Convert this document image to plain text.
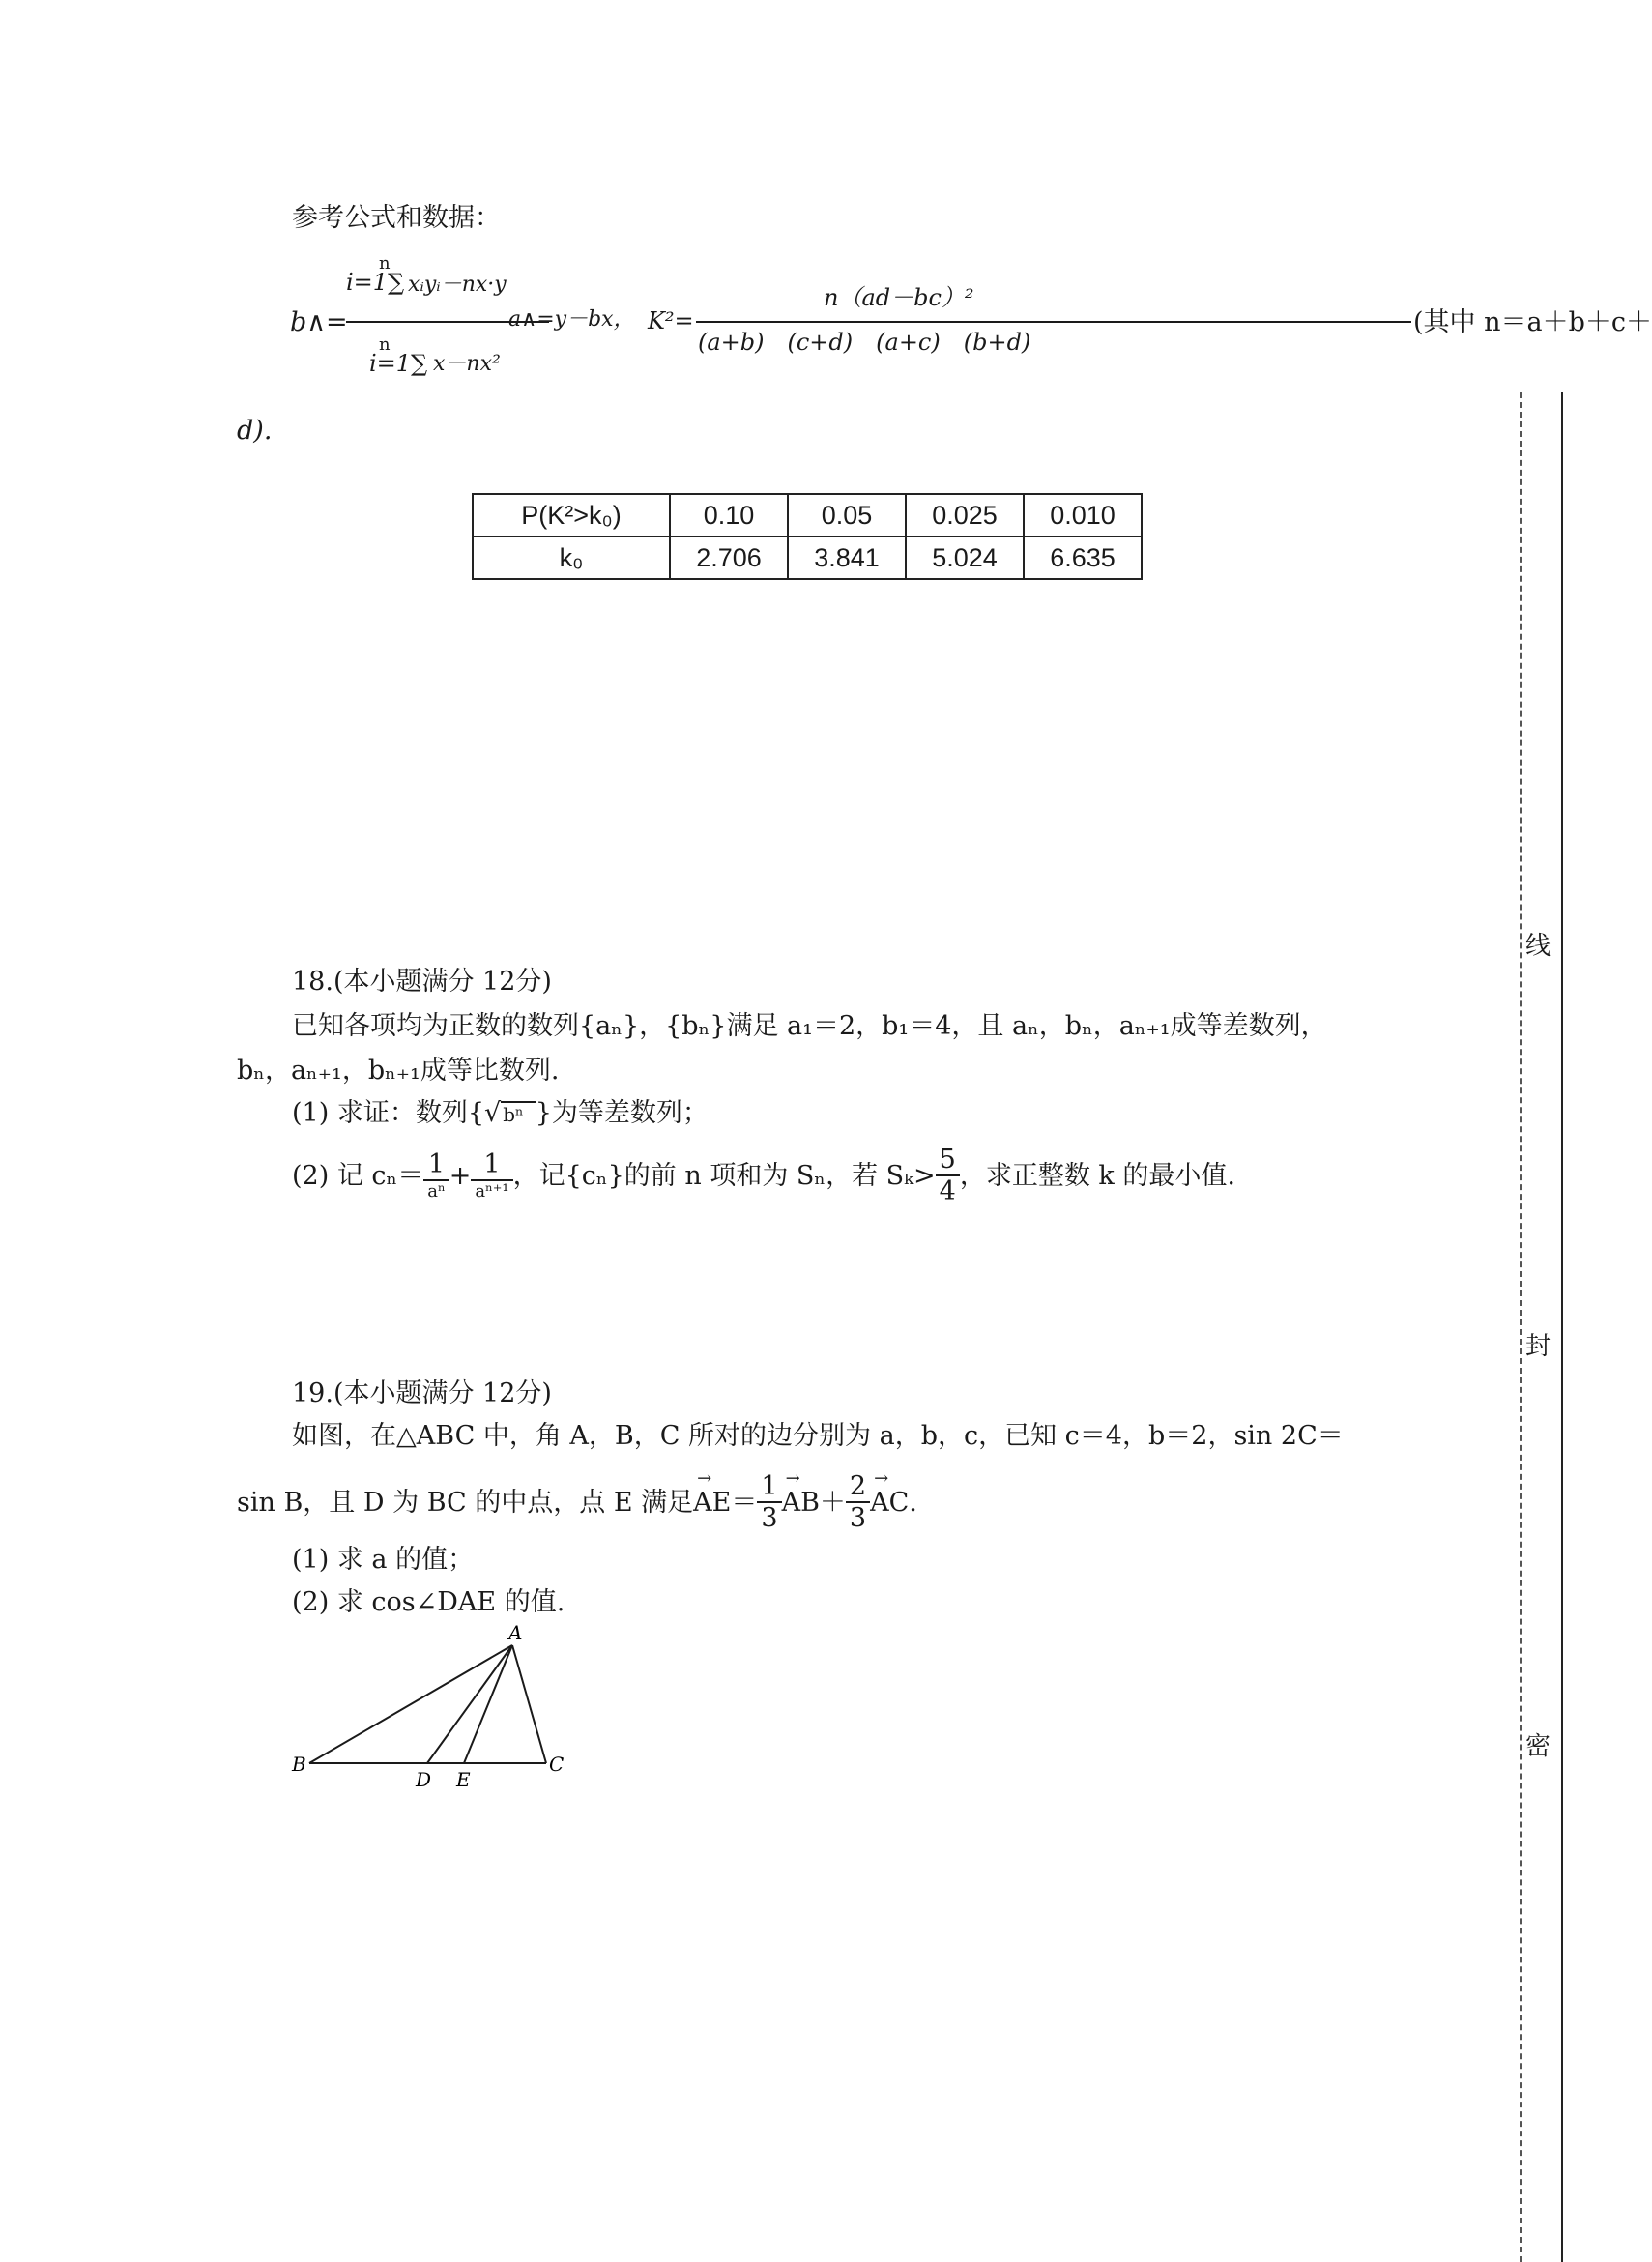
参考公式和数据：
b∧=
n
i=1∑ xᵢyᵢ－nx·y
n
i=1∑ x－nx²
a∧=y－bx， K²=
n（ad－bc）²
(a+b)　(c+d)　(a+c)　(b+d)
(其中 n＝a＋b＋c＋
d).
P(K²>k₀)	0.10	0.05	0.025	0.010
k₀	2.706	3.841	5.024	6.635
18.(本小题满分 12分)
已知各项均为正数的数列{aₙ}，{bₙ}满足 a₁＝2，b₁＝4，且 aₙ，bₙ，aₙ₊₁成等差数列，
bₙ，aₙ₊₁，bₙ₊₁成等比数列.
(1) 求证：数列{√ bⁿ }为等差数列；
(2) 记 $c_n= \frac{1}{\text{aⁿ}} + \frac{1}{\text{aⁿ⁺¹}}$ ，记{cₙ}的前 n 项和为 Sₙ，若 $S_k> \frac{5}{4}$ ，求正整数 k 的最小值.
19.(本小题满分 12分)
如图，在△ABC 中，角 A，B，C 所对的边分别为 a，b，c，已知 c＝4，b＝2，sin 2C＝
sin B，且 D 为 BC 的中点，点 E 满足 → AE ＝ $\frac{1}{3}$ → AB ＋ $\frac{2}{3}$ → AC .
(1) 求 a 的值；
(2) 求 cos∠DAE 的值.
A
B	C
D E
线
封
密
